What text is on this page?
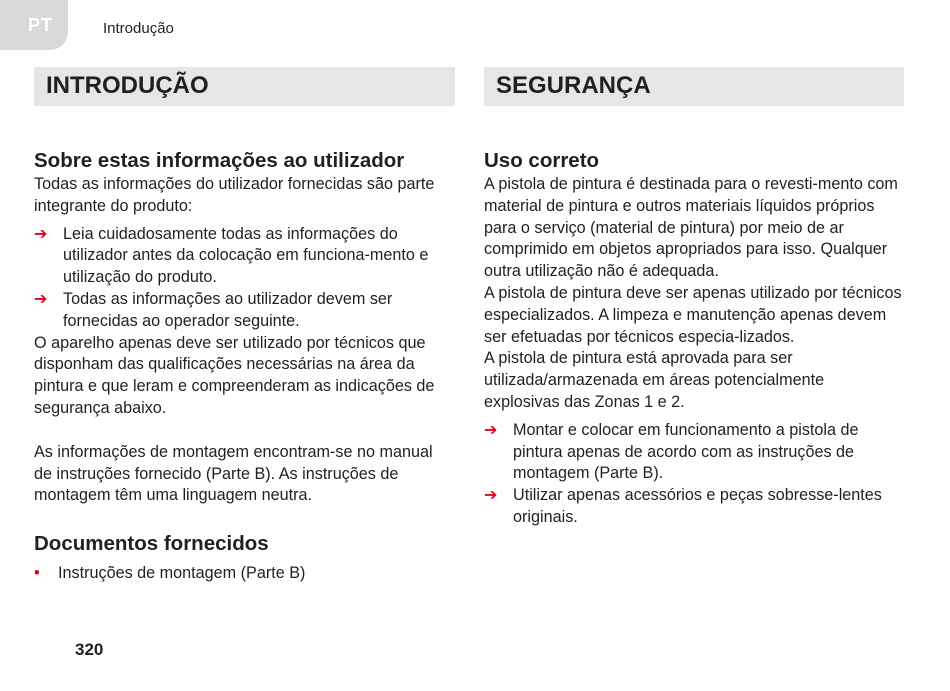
PT	Introdução
INTRODUÇÃO
Sobre estas informações ao utilizador

Todas as informações do utilizador fornecidas são parte integrante do produto:

➔ Leia cuidadosamente todas as informações do utilizador antes da colocação em funciona-mento e utilização do produto.
➔ Todas as informações ao utilizador devem ser fornecidas ao operador seguinte.

O aparelho apenas deve ser utilizado por técnicos que disponham das qualificações necessárias na área da pintura e que leram e compreenderam as indicações de segurança abaixo.

As informações de montagem encontram-se no manual de instruções fornecido (Parte B). As instruções de montagem têm uma linguagem neutra.

Documentos fornecidos
• Instruções de montagem (Parte B)
SEGURANÇA
Uso correto

A pistola de pintura é destinada para o revesti-mento com material de pintura e outros materiais líquidos próprios para o serviço (material de pintura) por meio de ar comprimido em objetos apropriados para isso. Qualquer outra utilização não é adequada.

A pistola de pintura deve ser apenas utilizado por técnicos especializados. A limpeza e manutenção apenas devem ser efetuadas por técnicos especia-lizados.

A pistola de pintura está aprovada para ser utilizada/armazenada em áreas potencialmente explosivas das Zonas 1 e 2.

➔ Montar e colocar em funcionamento a pistola de pintura apenas de acordo com as instruções de montagem (Parte B).
➔ Utilizar apenas acessórios e peças sobresse-lentes originais.
320
